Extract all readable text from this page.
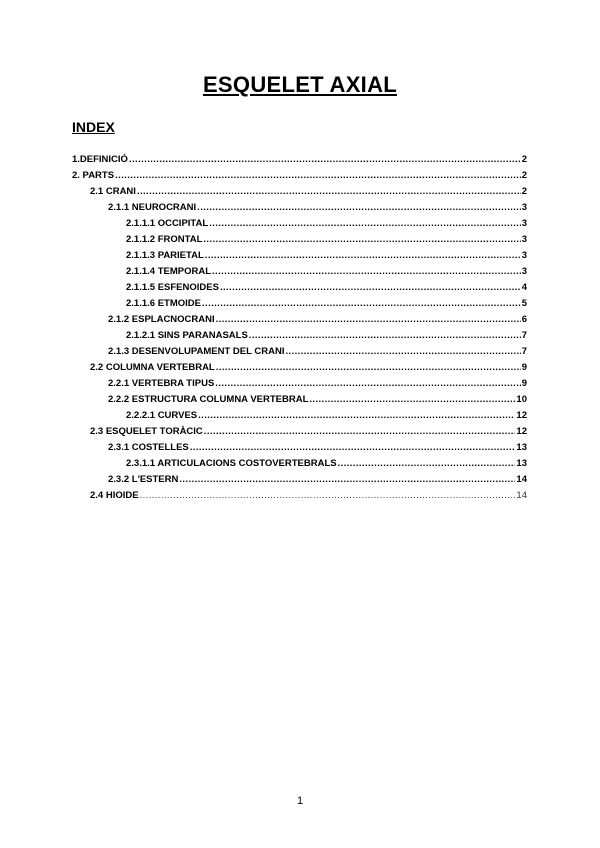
ESQUELET AXIAL
INDEX
1.DEFINICIÓ .....	2
2. PARTS .....	2
2.1 CRANI .....	2
2.1.1 NEUROCRANI .....	3
2.1.1.1 OCCIPITAL .....	3
2.1.1.2 FRONTAL .....	3
2.1.1.3 PARIETAL .....	3
2.1.1.4 TEMPORAL .....	3
2.1.1.5 ESFENOIDES .....	4
2.1.1.6 ETMOIDE .....	5
2.1.2 ESPLACNOCRANI .....	6
2.1.2.1 SINS PARANASALS .....	7
2.1.3 DESENVOLUPAMENT DEL CRANI .....	7
2.2 COLUMNA VERTEBRAL .....	9
2.2.1 VERTEBRA TIPUS .....	9
2.2.2 ESTRUCTURA COLUMNA VERTEBRAL .....	10
2.2.2.1 CURVES .....	12
2.3 ESQUELET TORÀCIC .....	12
2.3.1 COSTELLES .....	13
2.3.1.1 ARTICULACIONS COSTOVERTEBRALS .....	13
2.3.2 L'ESTERN .....	14
2.4 HIOIDE .....	14
1
